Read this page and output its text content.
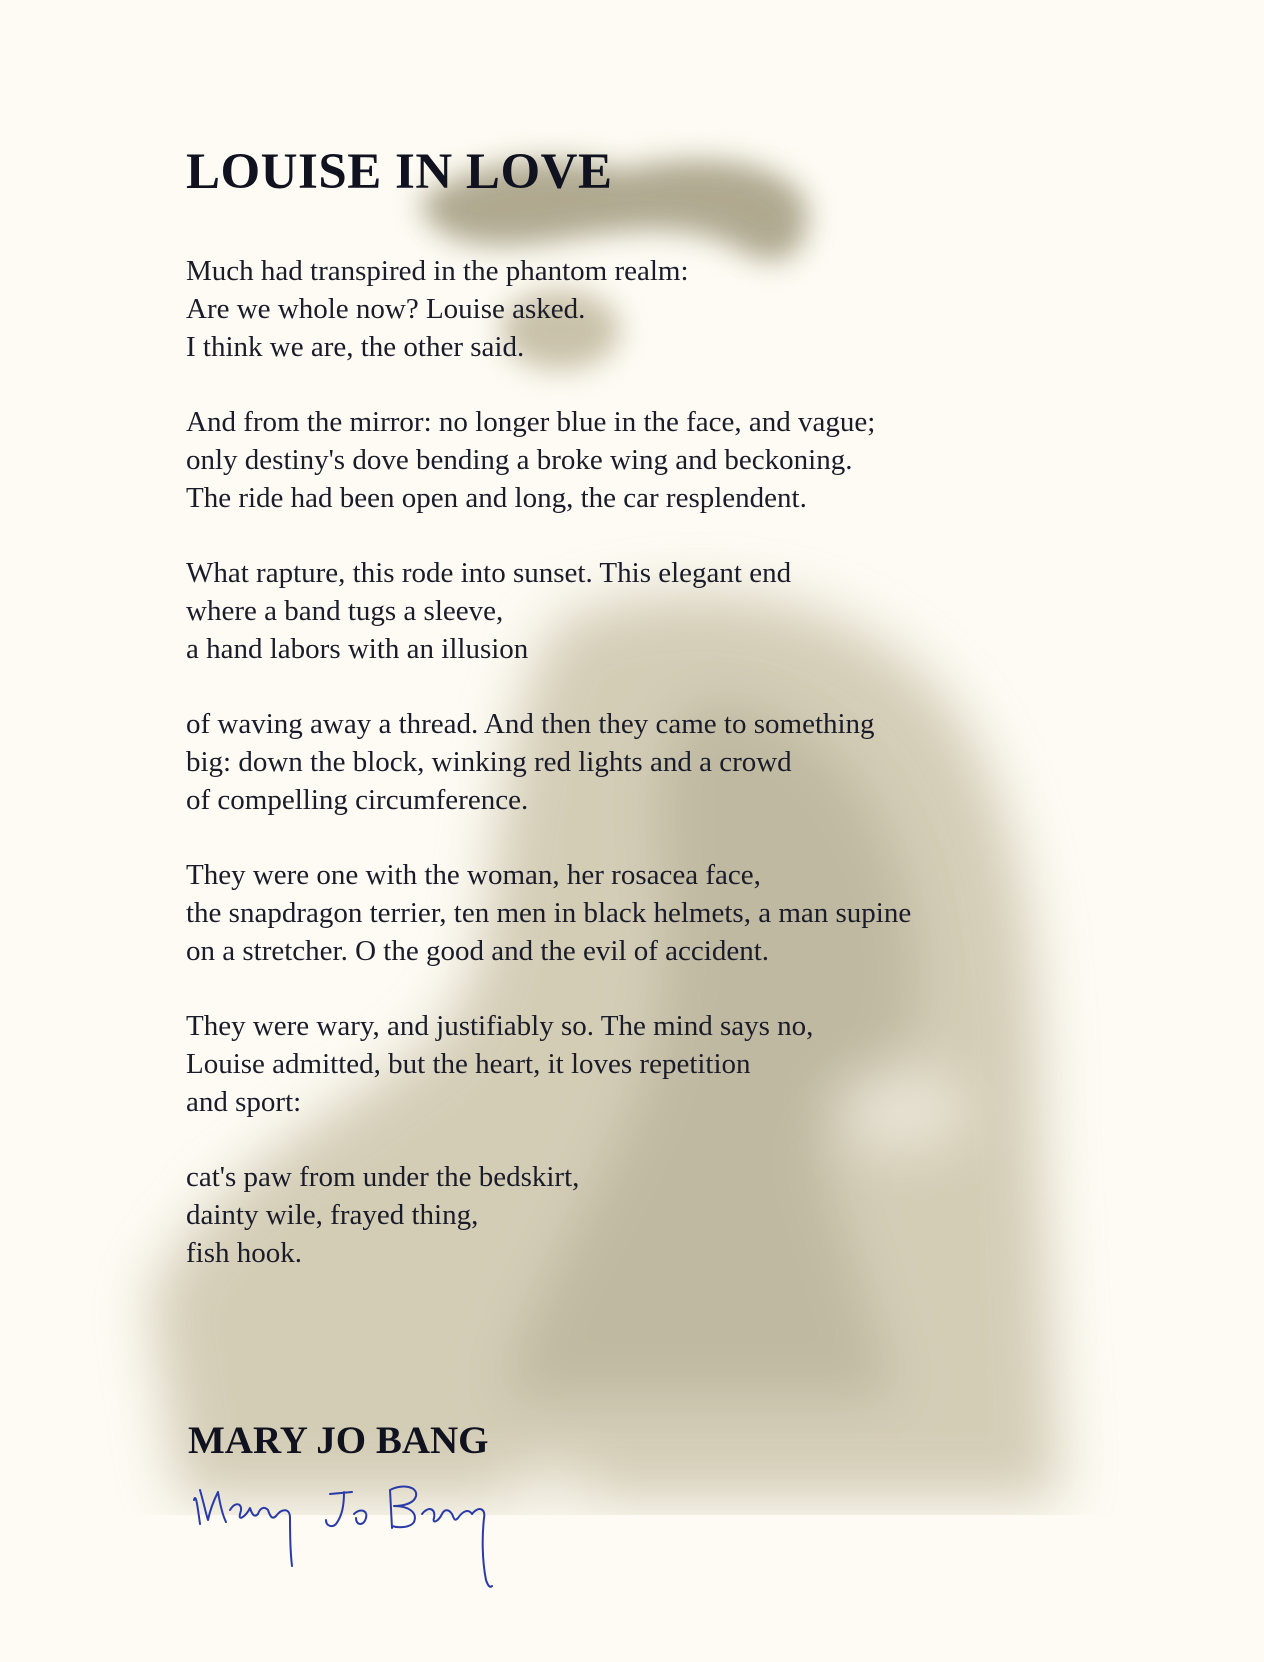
LOUISE IN LOVE
Much had transpired in the phantom realm:
Are we whole now? Louise asked.
I think we are, the other said.
And from the mirror: no longer blue in the face, and vague;
only destiny's dove bending a broke wing and beckoning.
The ride had been open and long, the car resplendent.
What rapture, this rode into sunset. This elegant end
where a band tugs a sleeve,
a hand labors with an illusion
of waving away a thread. And then they came to something
big: down the block, winking red lights and a crowd
of compelling circumference.
They were one with the woman, her rosacea face,
the snapdragon terrier, ten men in black helmets, a man supine
on a stretcher. O the good and the evil of accident.
They were wary, and justifiably so. The mind says no,
Louise admitted, but the heart, it loves repetition
and sport:
cat's paw from under the bedskirt,
dainty wile, frayed thing,
fish hook.
MARY JO BANG
